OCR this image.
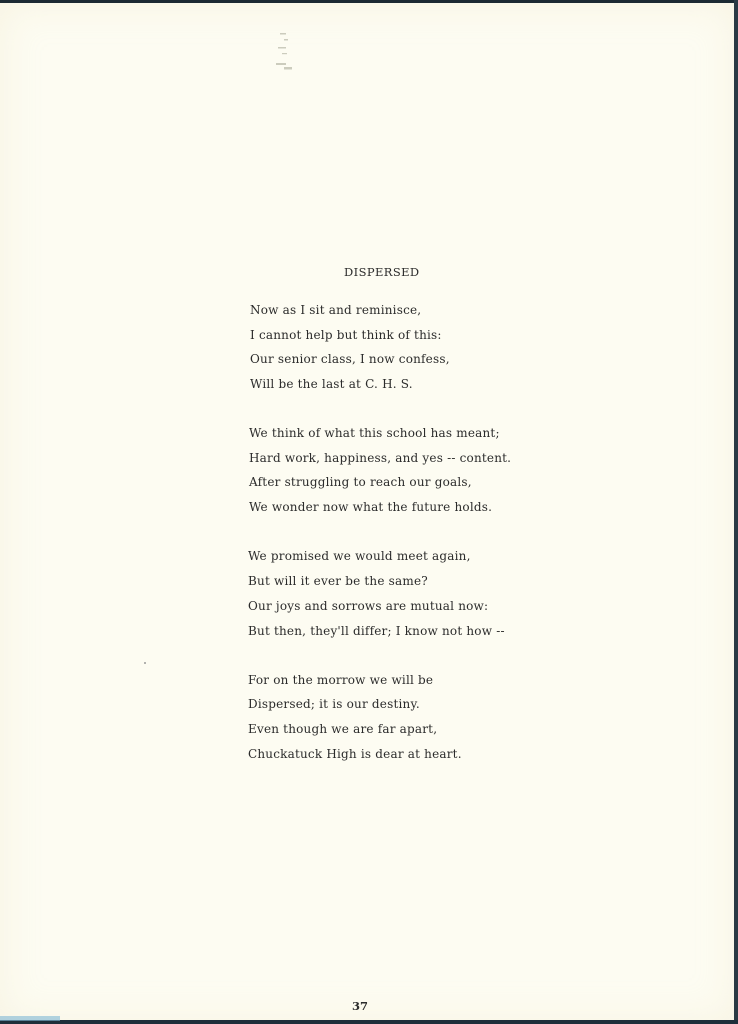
DISPERSED
Now as I sit and reminisce,
I cannot help but think of this:
Our senior class, I now confess,
Will be the last at C. H. S.
We think of what this school has meant;
Hard work, happiness, and yes -- content.
After struggling to reach our goals,
We wonder now what the future holds.
We promised we would meet again,
But will it ever be the same?
Our joys and sorrows are mutual now:
But then, they'll differ; I know not how --
For on the morrow we will be
Dispersed; it is our destiny.
Even though we are far apart,
Chuckatuck High is dear at heart.
37
